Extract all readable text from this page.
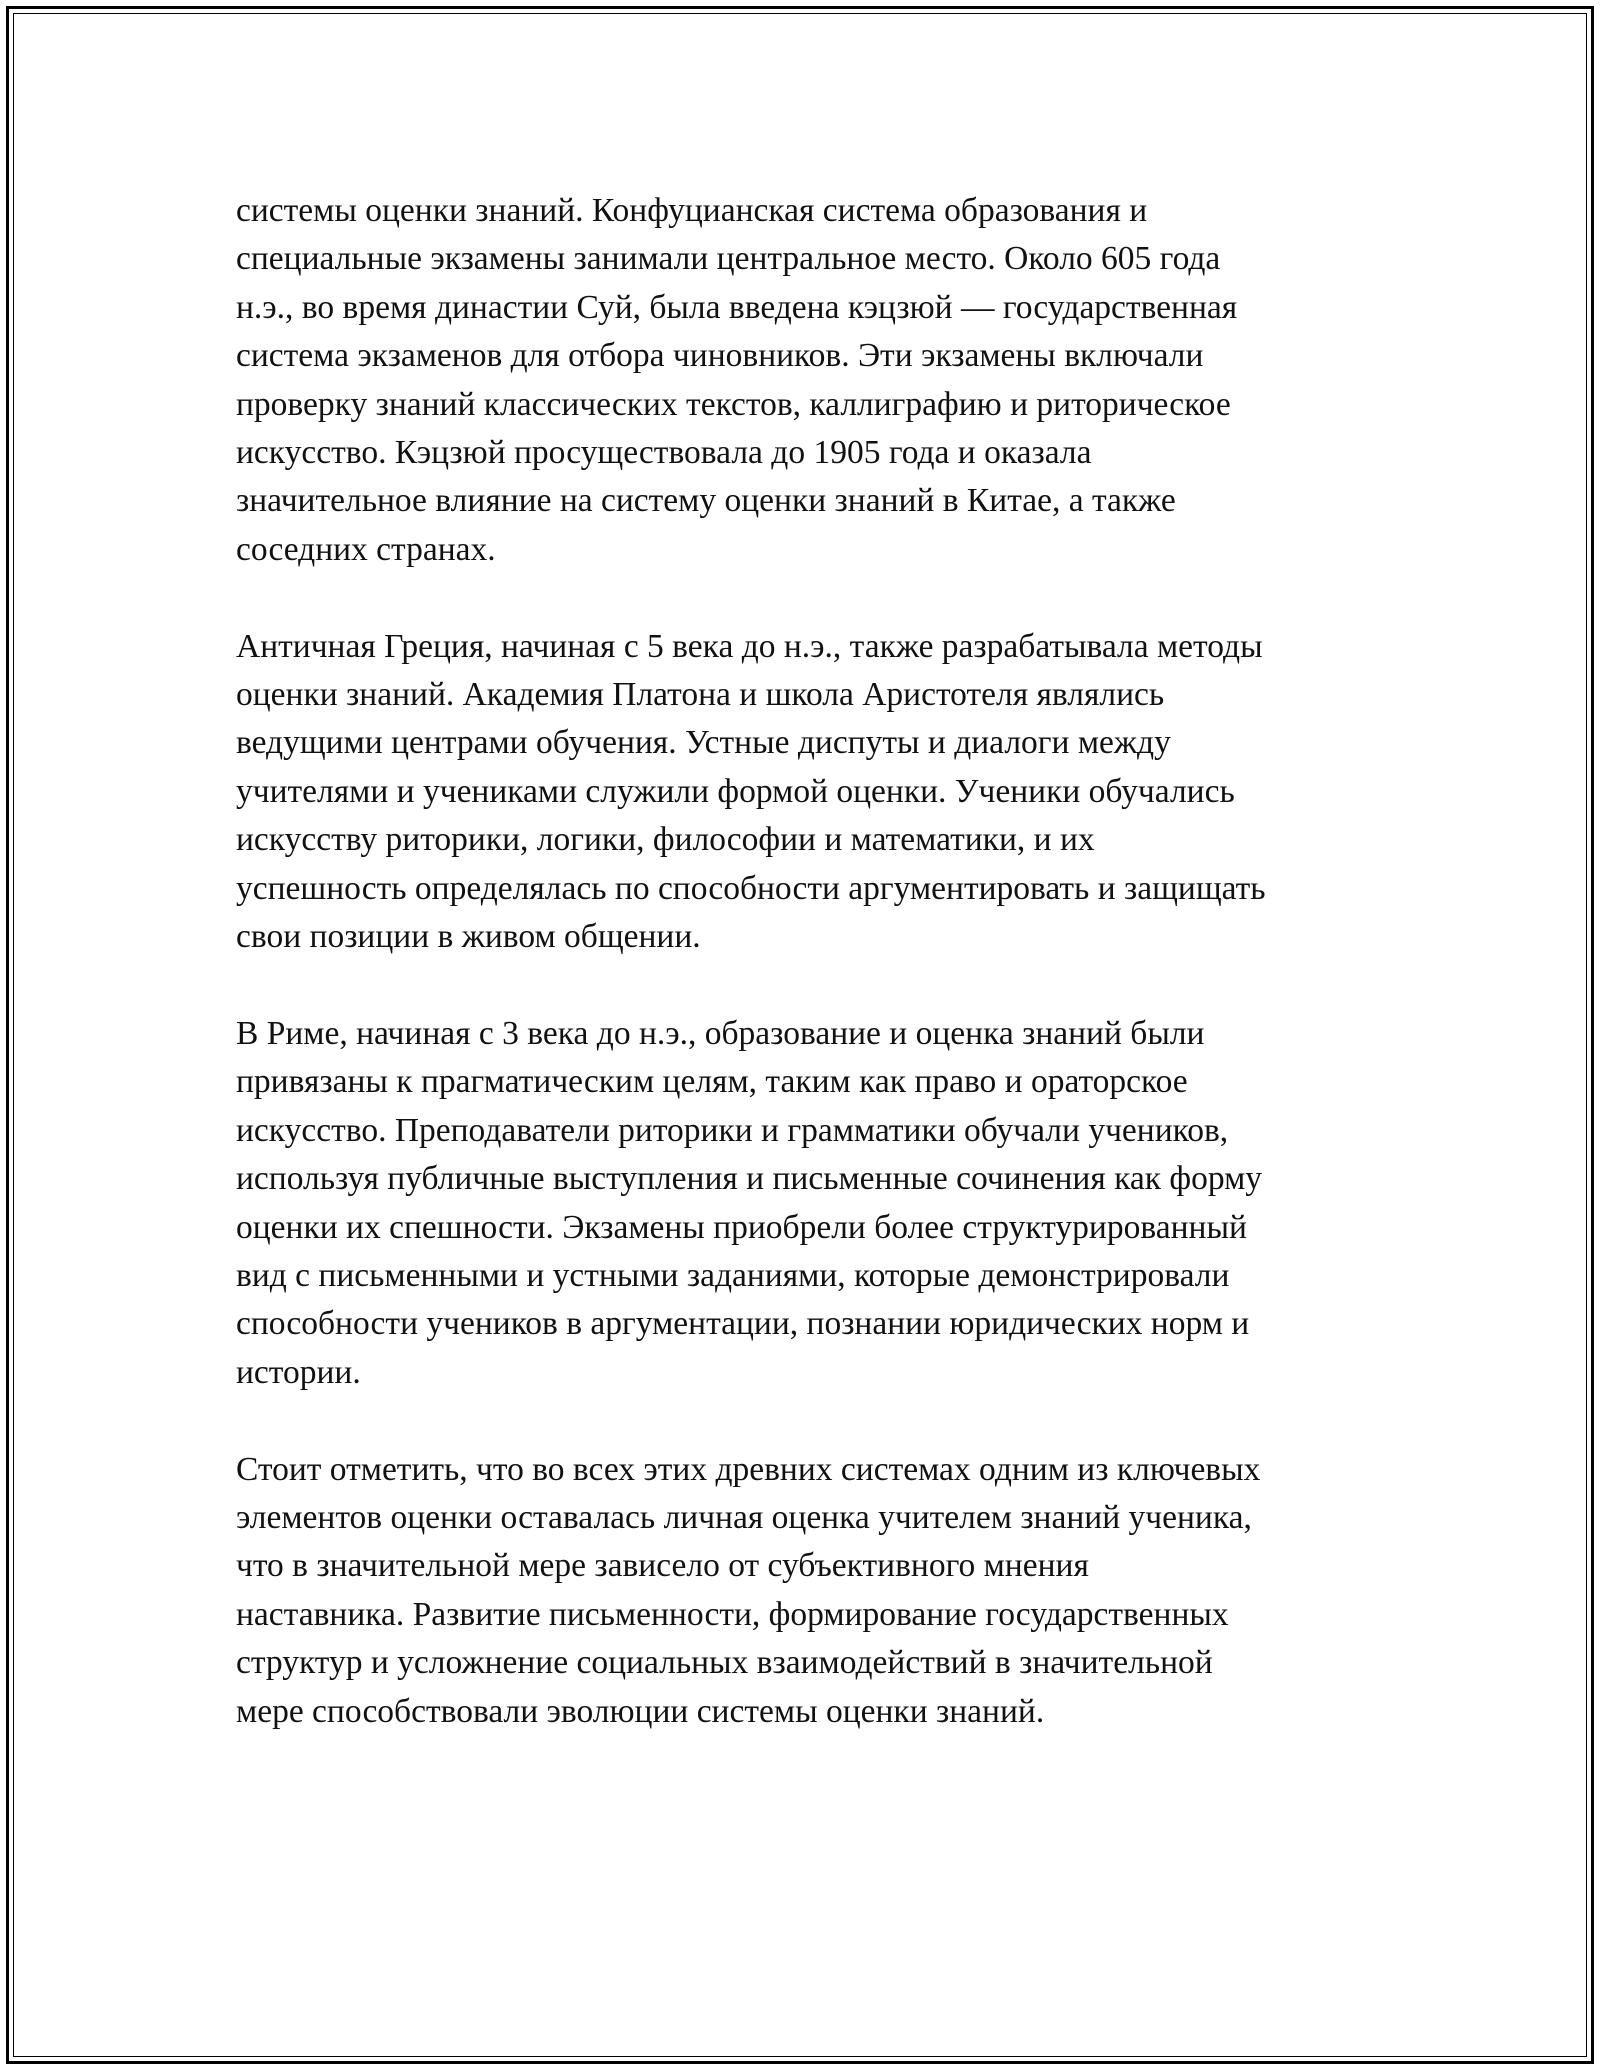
системы оценки знаний. Конфуцианская система образования и
специальные экзамены занимали центральное место. Около 605 года
н.э., во время династии Суй, была введена кэцзюй — государственная
система экзаменов для отбора чиновников. Эти экзамены включали
проверку знаний классических текстов, каллиграфию и риторическое
искусство. Кэцзюй просуществовала до 1905 года и оказала
значительное влияние на систему оценки знаний в Китае, а также
соседних странах.

Античная Греция, начиная с 5 века до н.э., также разрабатывала методы
оценки знаний. Академия Платона и школа Аристотеля являлись
ведущими центрами обучения. Устные диспуты и диалоги между
учителями и учениками служили формой оценки. Ученики обучались
искусству риторики, логики, философии и математики, и их
успешность определялась по способности аргументировать и защищать
свои позиции в живом общении.

В Риме, начиная с 3 века до н.э., образование и оценка знаний были
привязаны к прагматическим целям, таким как право и ораторское
искусство. Преподаватели риторики и грамматики обучали учеников,
используя публичные выступления и письменные сочинения как форму
оценки их спешности. Экзамены приобрели более структурированный
вид с письменными и устными заданиями, которые демонстрировали
способности учеников в аргументации, познании юридических норм и
истории.

Стоит отметить, что во всех этих древних системах одним из ключевых
элементов оценки оставалась личная оценка учителем знаний ученика,
что в значительной мере зависело от субъективного мнения
наставника. Развитие письменности, формирование государственных
структур и усложнение социальных взаимодействий в значительной
мере способствовали эволюции системы оценки знаний.
